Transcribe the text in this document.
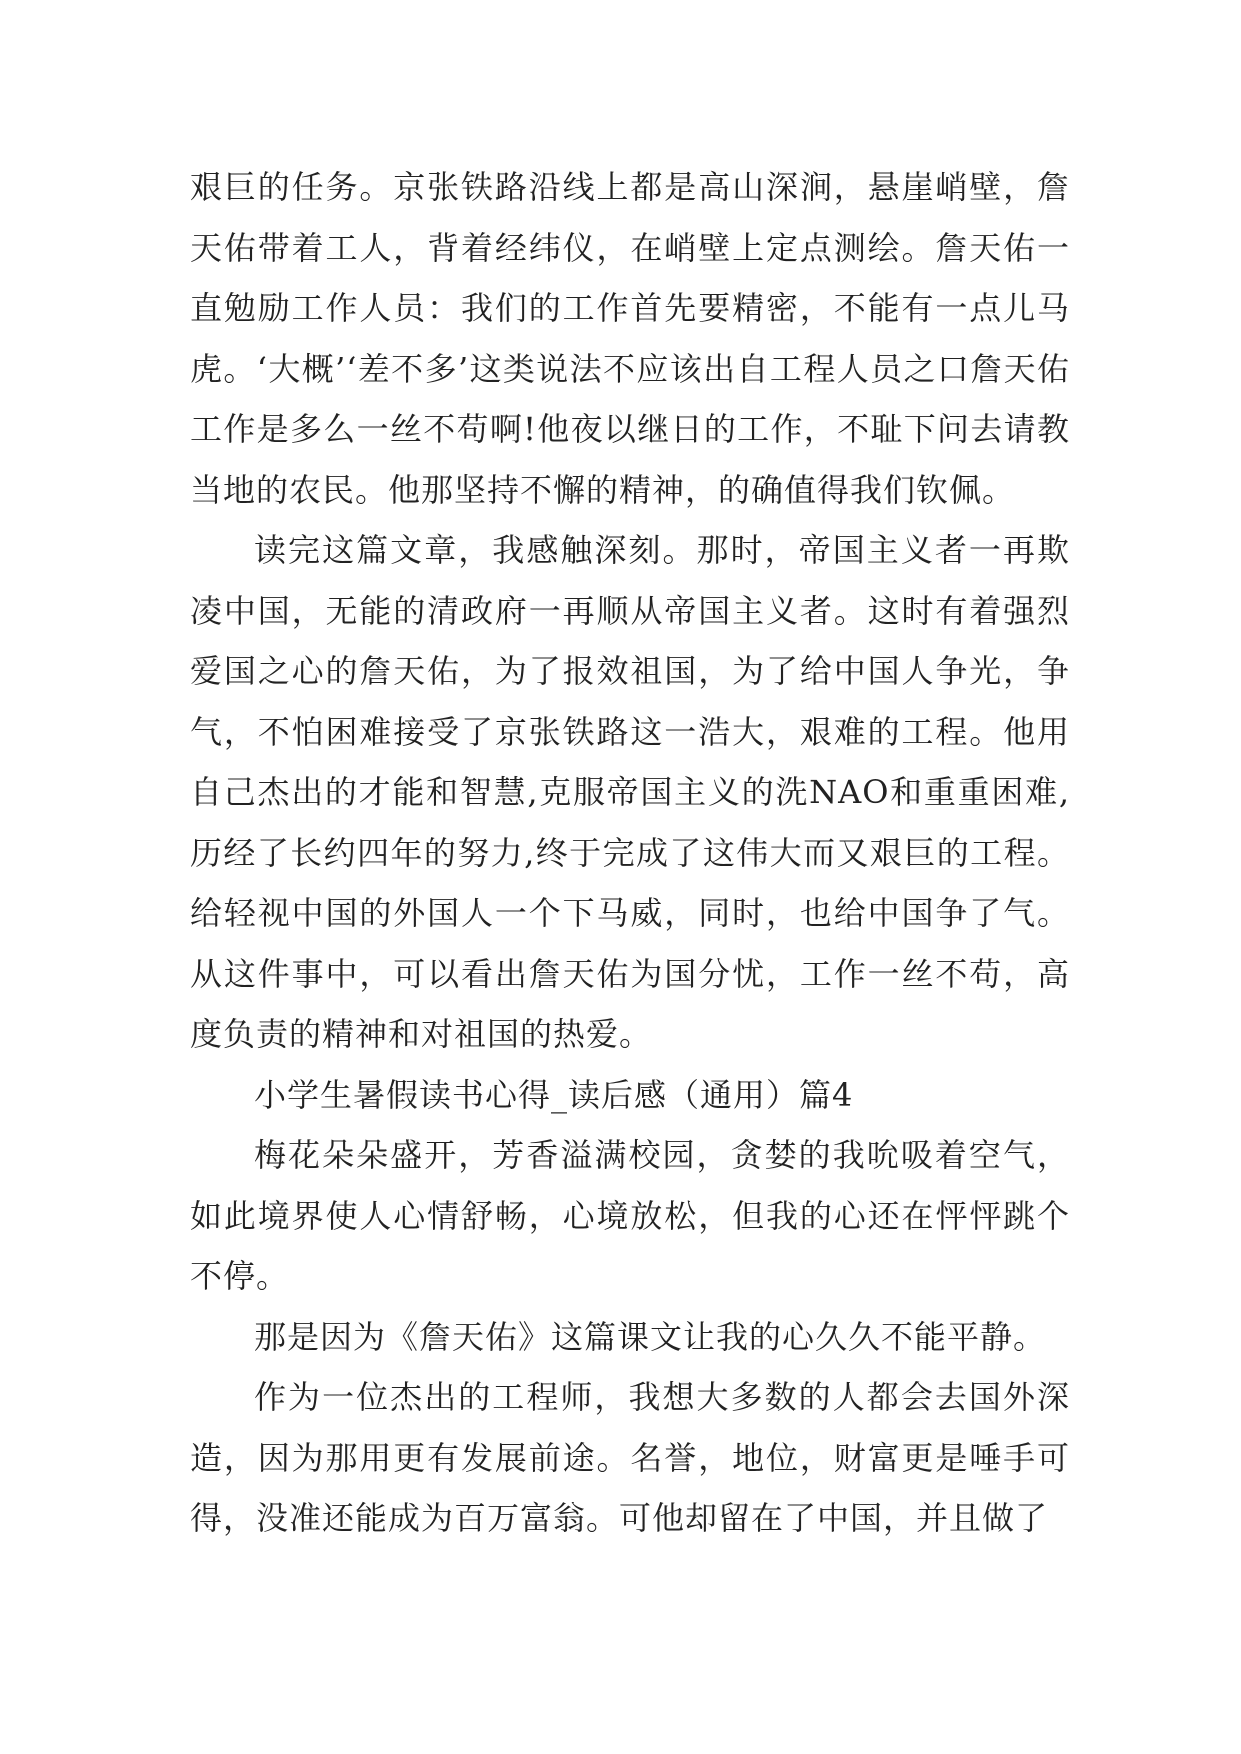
艰巨的任务。京张铁路沿线上都是高山深涧，悬崖峭壁，詹天佑带着工人，背着经纬仪，在峭壁上定点测绘。詹天佑一直勉励工作人员：我们的工作首先要精密，不能有一点儿马虎。‘大概’‘差不多’这类说法不应该出自工程人员之口詹天佑工作是多么一丝不苟啊!他夜以继日的工作，不耻下问去请教当地的农民。他那坚持不懈的精神，的确值得我们钦佩。

读完这篇文章，我感触深刻。那时，帝国主义者一再欺凌中国，无能的清政府一再顺从帝国主义者。这时有着强烈爱国之心的詹天佑，为了报效祖国，为了给中国人争光，争气，不怕困难接受了京张铁路这一浩大，艰难的工程。他用自己杰出的才能和智慧,克服帝国主义的洗NAO和重重困难,历经了长约四年的努力,终于完成了这伟大而又艰巨的工程。给轻视中国的外国人一个下马威，同时，也给中国争了气。从这件事中，可以看出詹天佑为国分忧，工作一丝不苟，高度负责的精神和对祖国的热爱。

小学生暑假读书心得_读后感（通用）篇4

梅花朵朵盛开，芳香溢满校园，贪婪的我吮吸着空气，如此境界使人心情舒畅，心境放松，但我的心还在怦怦跳个不停。

那是因为《詹天佑》这篇课文让我的心久久不能平静。

作为一位杰出的工程师，我想大多数的人都会去国外深造，因为那用更有发展前途。名誉，地位，财富更是唾手可得，没准还能成为百万富翁。可他却留在了中国，并且做了
